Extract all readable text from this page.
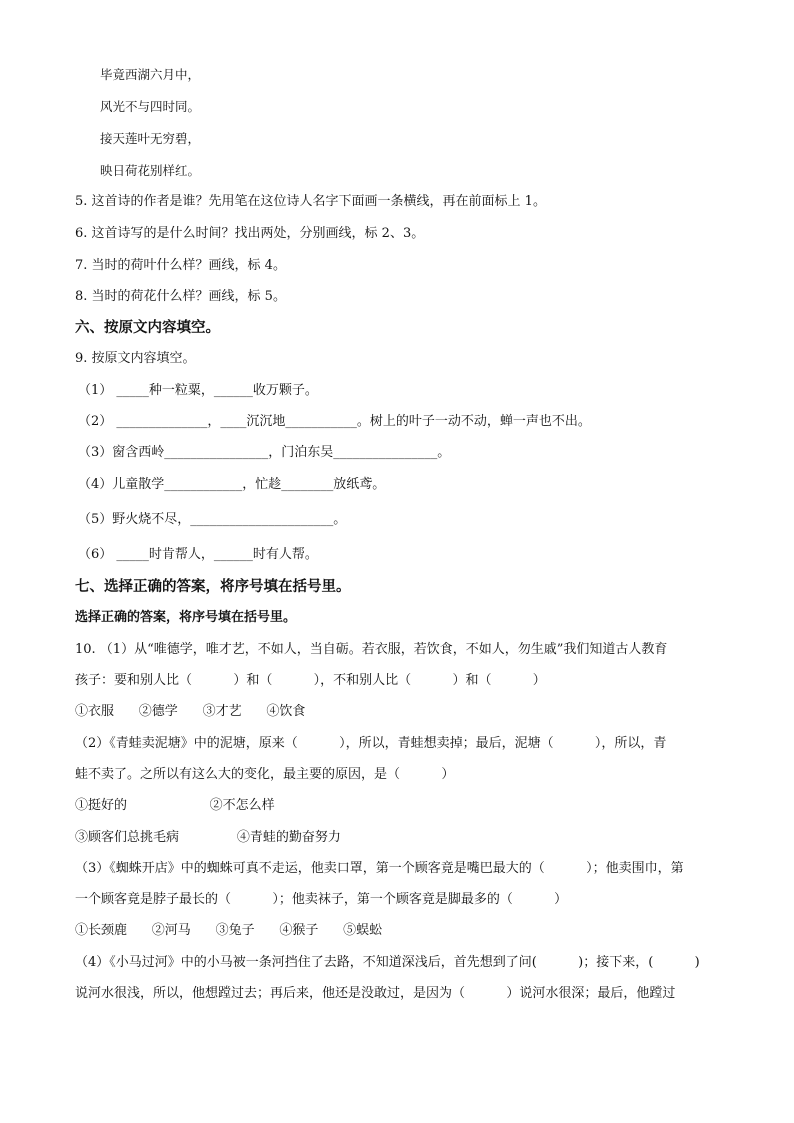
毕竟西湖六月中，
风光不与四时同。
接天莲叶无穷碧，
映日荷花别样红。
5. 这首诗的作者是谁？先用笔在这位诗人名字下面画一条横线，再在前面标上 1。
6. 这首诗写的是什么时间？找出两处，分别画线，标 2、3。
7. 当时的荷叶什么样？画线，标 4。
8. 当时的荷花什么样？画线，标 5。
六、按原文内容填空。
9. 按原文内容填空。
（1） _____种一粒粟，______收万颗子。
（2） ______________，____沉沉地___________。树上的叶子一动不动，蝉一声也不出。
（3）窗含西岭________________，门泊东吴________________。
（4）儿童散学____________，忙趁________放纸鸢。
（5）野火烧不尽，______________________。
（6） _____时肯帮人，______时有人帮。
七、选择正确的答案，将序号填在括号里。
选择正确的答案，将序号填在括号里。
10. （1）从“唯德学，唯才艺，不如人，当自砺。若衣服，若饮食，不如人，勿生戚”我们知道古人教育
孩子：要和别人比（          ）和（          ），不和别人比（          ）和（          ）
①衣服      ②德学      ③才艺      ④饮食
（2）《青蛙卖泥塘》中的泥塘，原来（          ），所以，青蛙想卖掉；最后，泥塘（          ），所以，青
蛙不卖了。之所以有这么大的变化，最主要的原因，是（          ）
①挺好的                    ②不怎么样
③顾客们总挑毛病              ④青蛙的勤奋努力
（3）《蜘蛛开店》中的蜘蛛可真不走运，他卖口罩，第一个顾客竟是嘴巴最大的（          ）；他卖围巾，第
一个顾客竟是脖子最长的（          ）；他卖袜子，第一个顾客竟是脚最多的（          ）
①长颈鹿      ②河马      ③兔子      ④猴子      ⑤蜈蚣
（4）《小马过河》中的小马被一条河挡住了去路，不知道深浅后，首先想到了问(          )；接下来，(          )
说河水很浅，所以，他想蹚过去；再后来，他还是没敢过，是因为（          ）说河水很深；最后，他蹚过
